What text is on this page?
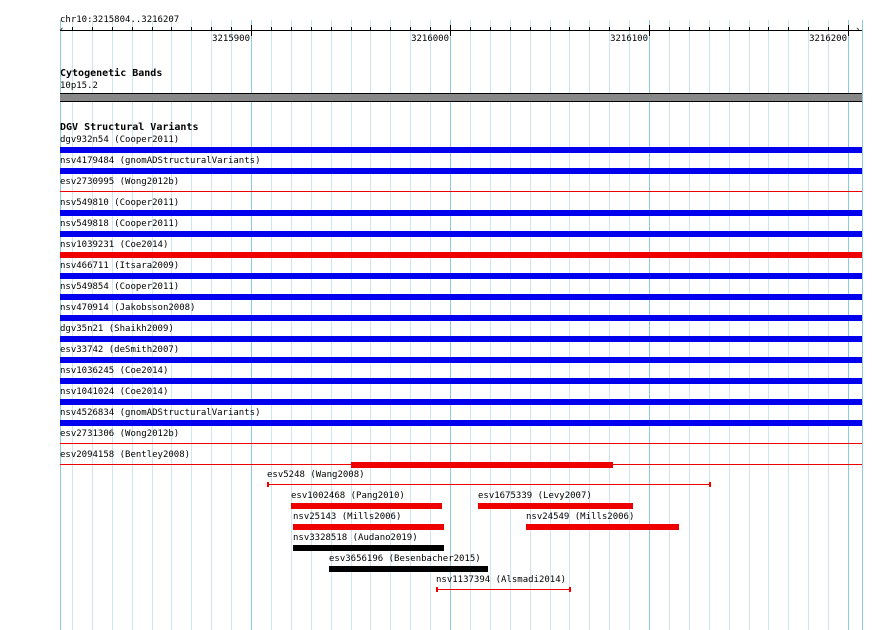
chr10:3215804..3216207
‹	›
3215900	3216000	3216100	3216200
Cytogenetic Bands
10p15.2
DGV Structural Variants
dgv932n54 (Cooper2011)
nsv4179484 (gnomADStructuralVariants)
esv2730995 (Wong2012b)
nsv549810 (Cooper2011)
nsv549818 (Cooper2011)
nsv1039231 (Coe2014)
nsv466711 (Itsara2009)
nsv549854 (Cooper2011)
nsv470914 (Jakobsson2008)
dgv35n21 (Shaikh2009)
esv33742 (deSmith2007)
nsv1036245 (Coe2014)
nsv1041024 (Coe2014)
nsv4526834 (gnomADStructuralVariants)
esv2731306 (Wong2012b)
esv2094158 (Bentley2008)
esv5248 (Wang2008)
esv1002468 (Pang2010)	esv1675339 (Levy2007)
nsv25143 (Mills2006)	nsv24549 (Mills2006)
nsv3328518 (Audano2019)
esv3656196 (Besenbacher2015)
nsv1137394 (Alsmadi2014)
